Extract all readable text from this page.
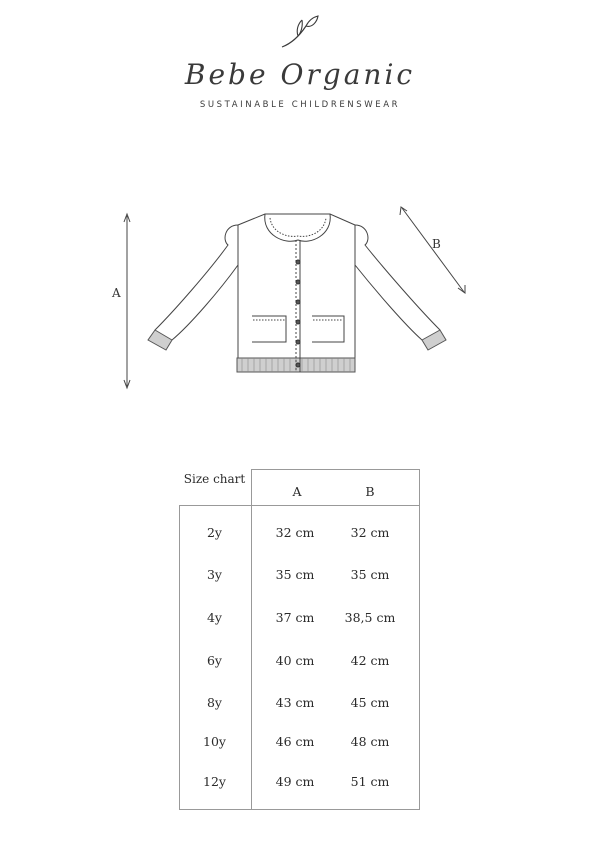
Bebe Organic
SUSTAINABLE CHILDRENSWEAR
A
B
Size chart
A	B
2y	32 cm	32 cm
3y	35 cm	35 cm
4y	37 cm	38,5 cm
6y	40 cm	42 cm
8y	43 cm	45 cm
10y	46 cm	48 cm
12y	49 cm	51 cm
